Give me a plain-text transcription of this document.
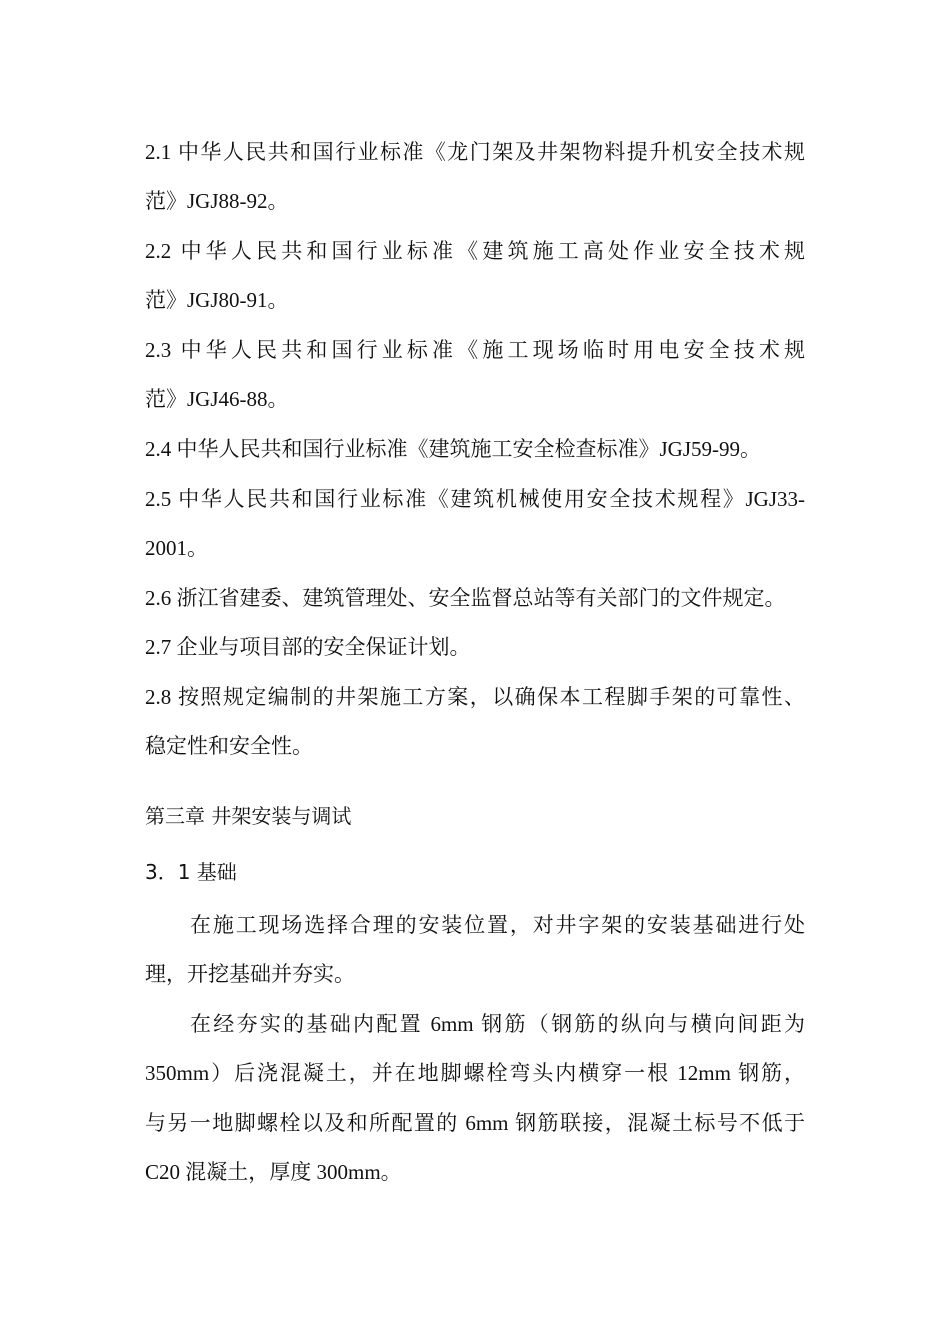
2.1 中华人民共和国行业标准《龙门架及井架物料提升机安全技术规
范》JGJ88-92。
2.2 中华人民共和国行业标准《建筑施工高处作业安全技术规
范》JGJ80-91。
2.3 中华人民共和国行业标准《施工现场临时用电安全技术规
范》JGJ46-88。
2.4 中华人民共和国行业标准《建筑施工安全检查标准》JGJ59-99。
2.5 中华人民共和国行业标准《建筑机械使用安全技术规程》JGJ33-
2001。
2.6 浙江省建委、建筑管理处、安全监督总站等有关部门的文件规定。
2.7 企业与项目部的安全保证计划。
2.8 按照规定编制的井架施工方案，以确保本工程脚手架的可靠性、
稳定性和安全性。
第三章 井架安装与调试
3．1 基础
在施工现场选择合理的安装位置，对井字架的安装基础进行处
理，开挖基础并夯实。
在经夯实的基础内配置 6mm 钢筋（钢筋的纵向与横向间距为
350mm）后浇混凝土，并在地脚螺栓弯头内横穿一根 12mm 钢筋，
与另一地脚螺栓以及和所配置的 6mm 钢筋联接，混凝土标号不低于
C20 混凝土，厚度 300mm。
